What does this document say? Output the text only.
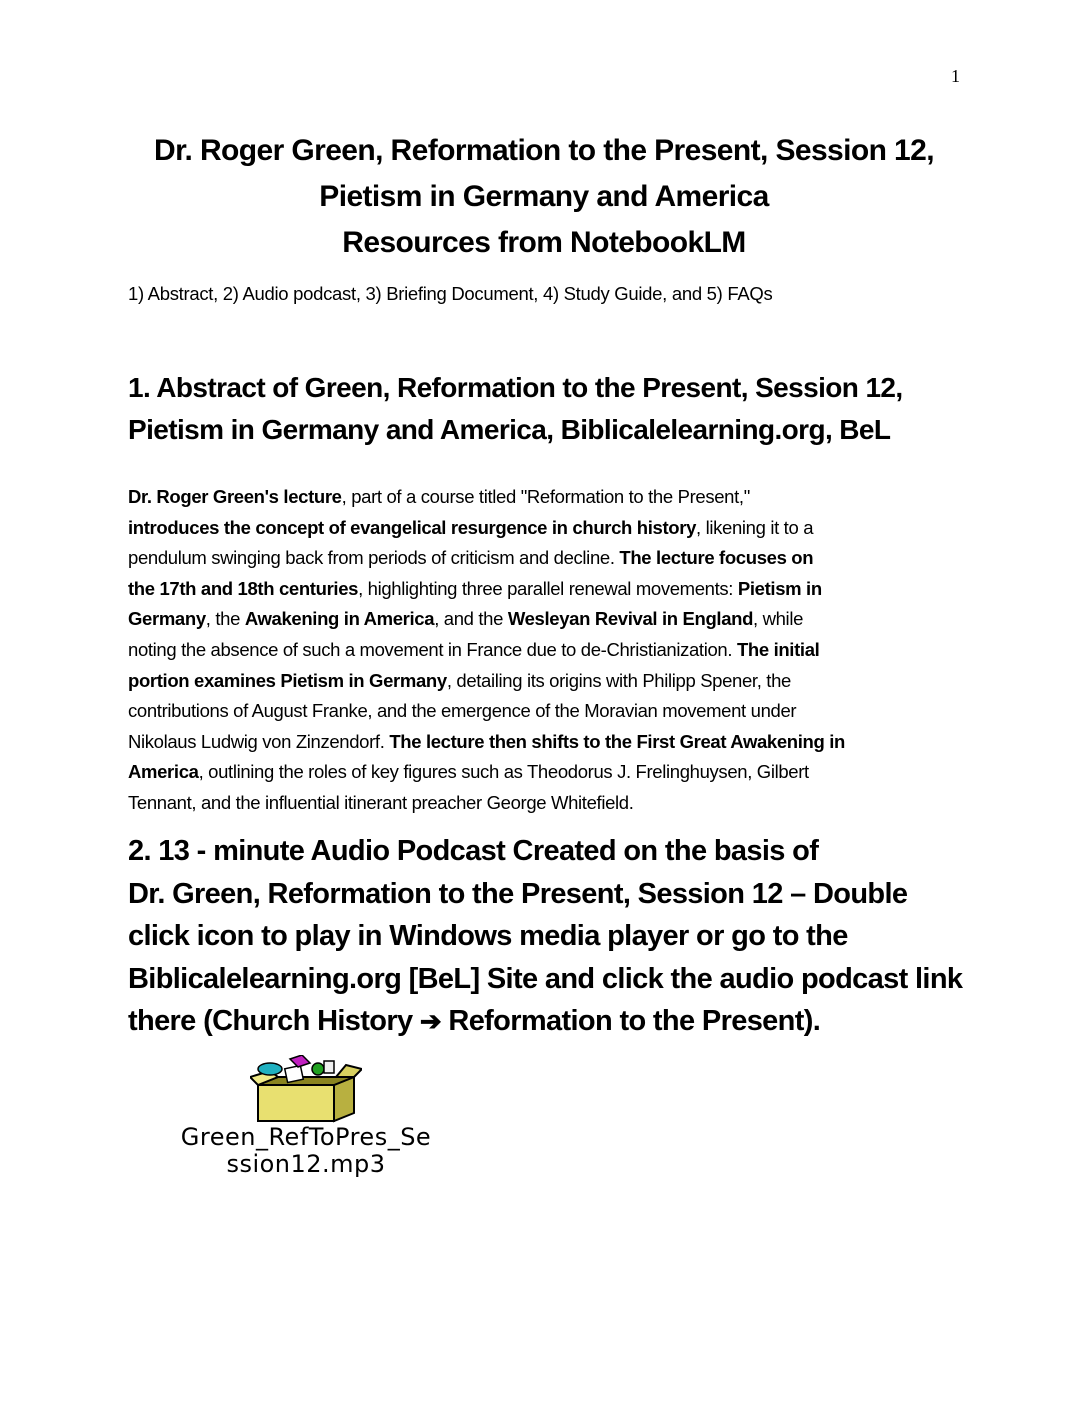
1
Dr. Roger Green, Reformation to the Present, Session 12,
Pietism in Germany and America
Resources from NotebookLM
1) Abstract, 2) Audio podcast, 3) Briefing Document, 4) Study Guide, and 5) FAQs
1. Abstract of Green, Reformation to the Present, Session 12,
Pietism in Germany and America, Biblicalelearning.org, BeL
Dr. Roger Green's lecture, part of a course titled "Reformation to the Present,"
introduces the concept of evangelical resurgence in church history, likening it to a
pendulum swinging back from periods of criticism and decline. The lecture focuses on
the 17th and 18th centuries, highlighting three parallel renewal movements: Pietism in
Germany, the Awakening in America, and the Wesleyan Revival in England, while
noting the absence of such a movement in France due to de-Christianization. The initial
portion examines Pietism in Germany, detailing its origins with Philipp Spener, the
contributions of August Franke, and the emergence of the Moravian movement under
Nikolaus Ludwig von Zinzendorf. The lecture then shifts to the First Great Awakening in
America, outlining the roles of key figures such as Theodorus J. Frelinghuysen, Gilbert
Tennant, and the influential itinerant preacher George Whitefield.
2. 13 - minute Audio Podcast Created on the basis of
Dr. Green, Reformation to the Present, Session 12 – Double
click icon to play in Windows media player or go to the
Biblicalelearning.org [BeL] Site and click the audio podcast link
there (Church History ➔ Reformation to the Present).
Green_RefToPres_Se
ssion12.mp3
